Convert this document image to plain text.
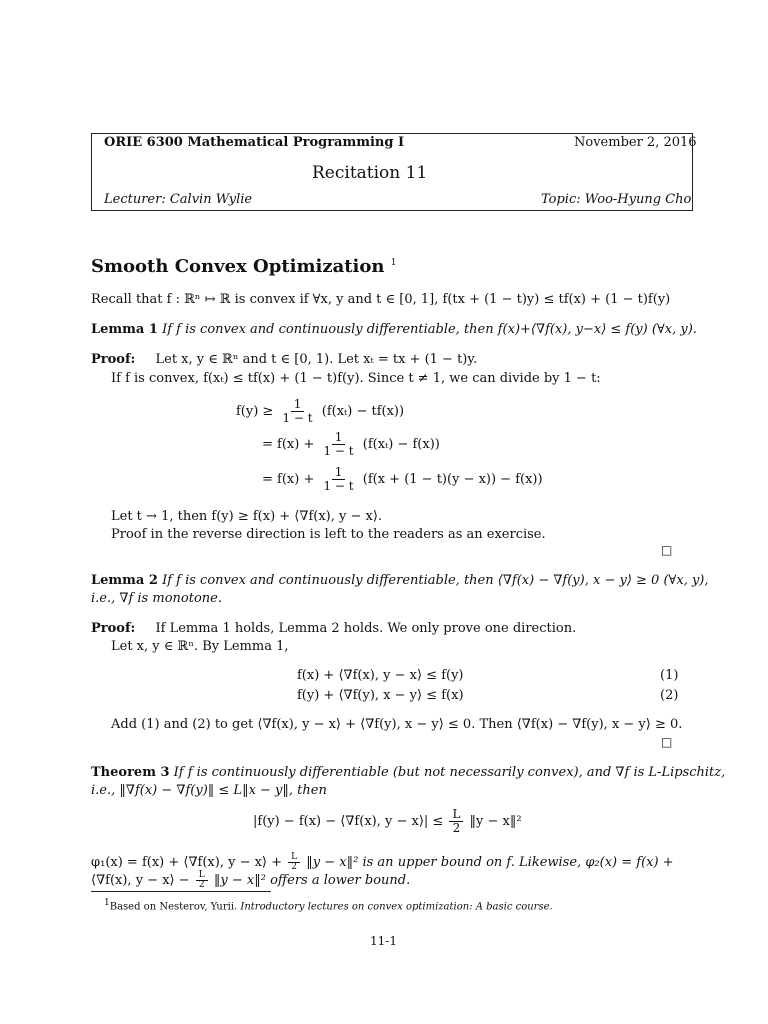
ORIE 6300 Mathematical Programming I	November 2, 2016
Recitation 11
Lecturer: Calvin Wylie	Topic: Woo-Hyung Cho
Smooth Convex Optimization $^1$
Recall that f : ℝⁿ ↦ ℝ is convex if ∀x, y and t ∈ [0, 1], f(tx + (1 − t)y) ≤ tf(x) + (1 − t)f(y)
Lemma 1 If f is convex and continuously differentiable, then f(x)+⟨∇f(x), y−x⟩ ≤ f(y) (∀x, y).
Proof: Let x, y ∈ ℝⁿ and t ∈ [0, 1). Let xₜ = tx + (1 − t)y.
If f is convex, f(xₜ) ≤ tf(x) + (1 − t)f(y). Since t ≠ 1, we can divide by 1 − t:
$f(y) \ge \frac{1}{1 - t} (f(x_t) - tf(x))$
= $f(x) + \frac{1}{1 - t} (f(x_t) - f(x))$
= $f(x) + \frac{1}{1 - t} (f(x + (1 - t)(y - x)) - f(x))$
Let t → 1, then f(y) ≥ f(x) + ⟨∇f(x), y − x⟩.
Proof in the reverse direction is left to the readers as an exercise.
□
Lemma 2 If f is convex and continuously differentiable, then ⟨∇f(x) − ∇f(y), x − y⟩ ≥ 0 (∀x, y),
i.e., ∇f is monotone.
Proof: If Lemma 1 holds, Lemma 2 holds. We only prove one direction.
Let x, y ∈ ℝⁿ. By Lemma 1,
f(x) + ⟨∇f(x), y − x⟩ ≤ f(y)	(1)
f(y) + ⟨∇f(y), x − y⟩ ≤ f(x)	(2)
Add (1) and (2) to get ⟨∇f(x), y − x⟩ + ⟨∇f(y), x − y⟩ ≤ 0. Then ⟨∇f(x) − ∇f(y), x − y⟩ ≥ 0.
□
Theorem 3 If f is continuously differentiable (but not necessarily convex), and ∇f is L-Lipschitz,
i.e., ‖∇f(x) − ∇f(y)‖ ≤ L‖x − y‖, then
|f(y) − f(x) − ⟨∇f(x), y − x⟩| ≤ $\frac{L}{2}$ ‖y − x‖²
φ₁(x) = f(x) + ⟨∇f(x), y − x⟩ + $\frac{L}{2}$ ‖y − x‖² is an upper bound on f. Likewise, φ₂(x) = f(x) +
⟨∇f(x), y − x⟩ − $\frac{L}{2}$ ‖y − x‖² offers a lower bound.
1Based on Nesterov, Yurii. Introductory lectures on convex optimization: A basic course.
11-1
